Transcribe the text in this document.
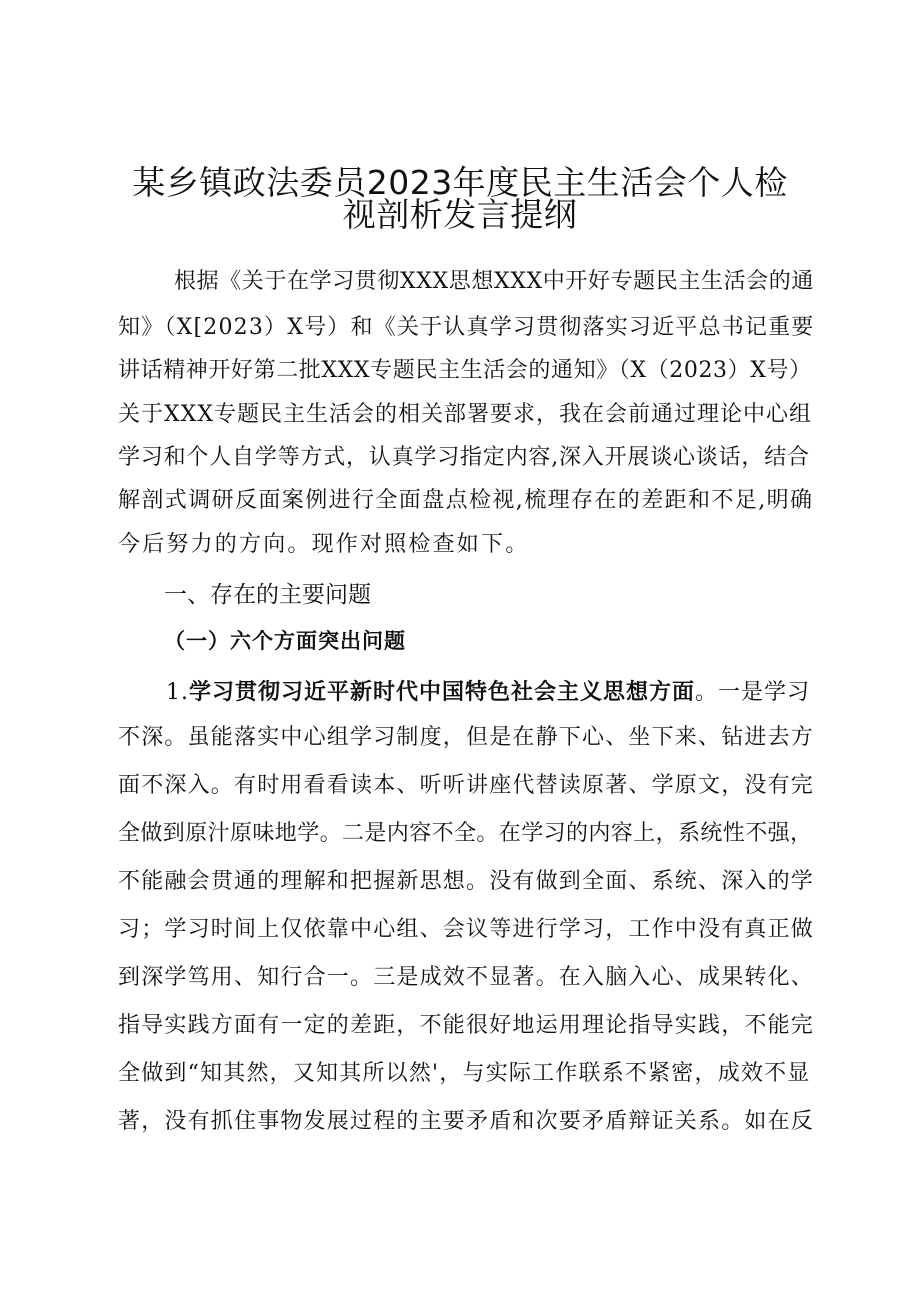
某乡镇政法委员2023年度民主生活会个人检
视剖析发言提纲
根据《关于在学习贯彻XXX思想XXX中开好专题民主生活会的通
知》（X[2023）X号）和《关于认真学习贯彻落实习近平总书记重要
讲话精神开好第二批XXX专题民主生活会的通知》（X（2023）X号）
关于XXX专题民主生活会的相关部署要求，我在会前通过理论中心组
学习和个人自学等方式，认真学习指定内容,深入开展谈心谈话，结合
解剖式调研反面案例进行全面盘点检视,梳理存在的差距和不足,明确
今后努力的方向。现作对照检查如下。
一、存在的主要问题
（一）六个方面突出问题
1.学习贯彻习近平新时代中国特色社会主义思想方面。一是学习
不深。虽能落实中心组学习制度，但是在静下心、坐下来、钻进去方
面不深入。有时用看看读本、听听讲座代替读原著、学原文，没有完
全做到原汁原味地学。二是内容不全。在学习的内容上，系统性不强，
不能融会贯通的理解和把握新思想。没有做到全面、系统、深入的学
习；学习时间上仅依靠中心组、会议等进行学习，工作中没有真正做
到深学笃用、知行合一。三是成效不显著。在入脑入心、成果转化、
指导实践方面有一定的差距，不能很好地运用理论指导实践，不能完
全做到“知其然，又知其所以然'，与实际工作联系不紧密，成效不显
著，没有抓住事物发展过程的主要矛盾和次要矛盾辩证关系。如在反
